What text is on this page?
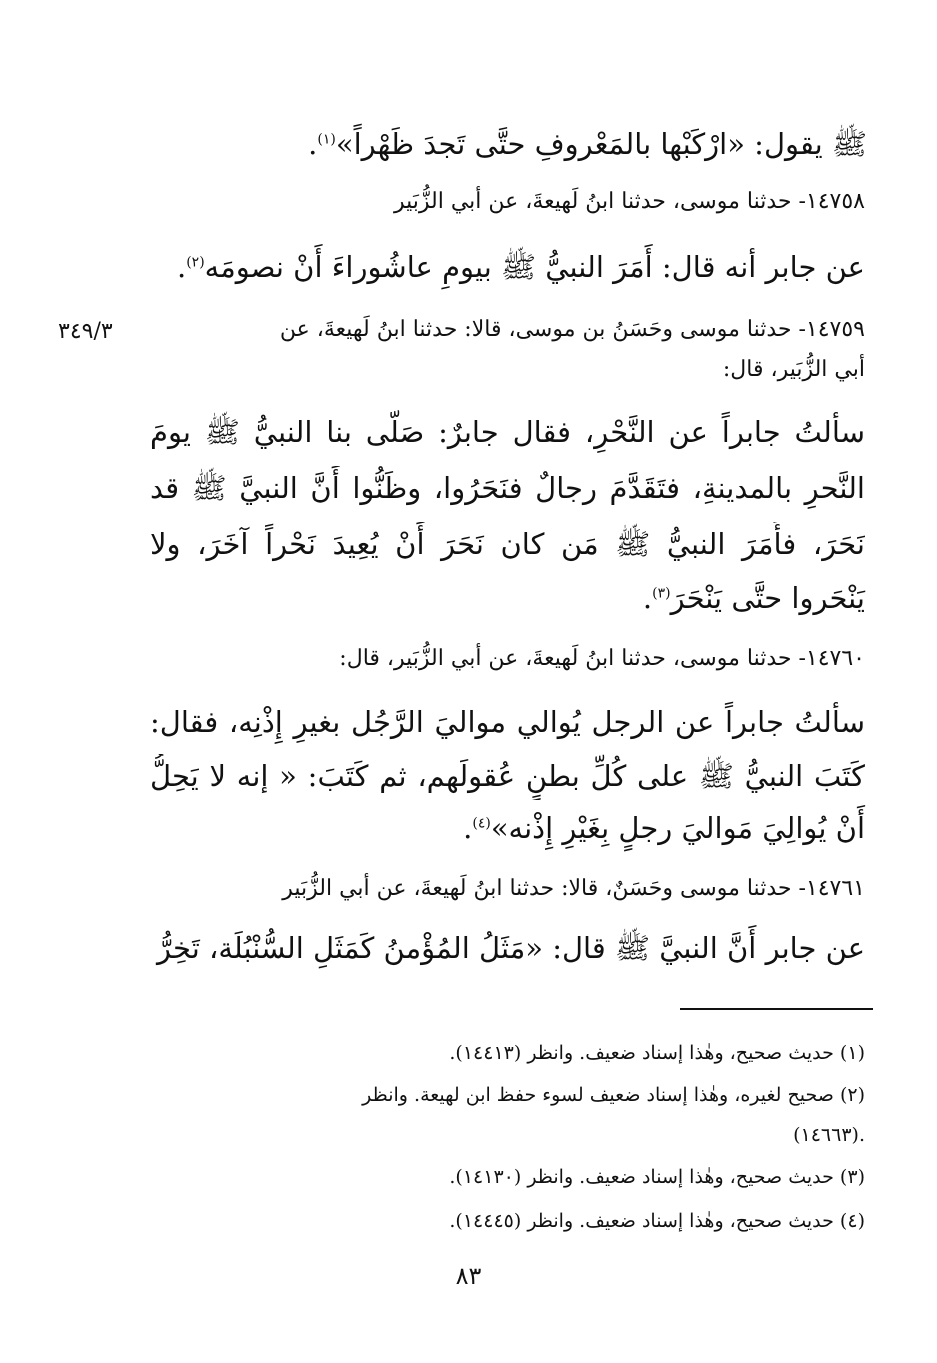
ﷺ يقول: «ارْكَبْها بالمَعْروفِ حتَّى تَجدَ ظَهْراً»$^{(١)}$.
١٤٧٥٨- حدثنا موسى، حدثنا ابنُ لَهيعةَ، عن أبي الزُّبَير
عن جابر أنه قال: أَمَرَ النبيُّ ﷺ بيومِ عاشُوراءَ أَنْ نصومَه$^{(٢)}$.
١٤٧٥٩- حدثنا موسى وحَسَنُ بن موسى، قالا: حدثنا ابنُ لَهيعةَ، عن
٣٤٩/٣
أبي الزُّبَير، قال:
سألتُ جابراً عن النَّحْرِ، فقال جابرٌ: صَلَّى بنا النبيُّ ﷺ يومَ
النَّحرِ بالمدينةِ، فتَقَدَّمَ رجالٌ فنَحَرُوا، وظَنُّوا أَنَّ النبيَّ ﷺ قد
نَحَرَ، فأَمَرَ النبيُّ ﷺ مَن كان نَحَرَ أَنْ يُعِيدَ نَحْراً آخَرَ، ولا
يَنْحَروا حتَّى يَنْحَرَ$^{(٣)}$.
١٤٧٦٠- حدثنا موسى، حدثنا ابنُ لَهيعةَ، عن أبي الزُّبَير، قال:
سألتُ جابراً عن الرجل يُوالي مواليَ الرَّجُل بغيرِ إِذْنِه، فقال:
كَتَبَ النبيُّ ﷺ على كُلِّ بطنٍ عُقولَهم، ثم كَتَبَ: « إنه لا يَحِلُّ
أَنْ يُوالِيَ مَواليَ رجلٍ بِغَيْرِ إِذْنه»$^{(٤)}$.
١٤٧٦١- حدثنا موسى وحَسَنٌ، قالا: حدثنا ابنُ لَهيعةَ، عن أبي الزُّبَير
عن جابر أَنَّ النبيَّ ﷺ قال: «مَثَلُ المُؤْمنُ كَمَثَلِ السُّنْبُلَة، تَخِرُّ
(١) حديث صحيح، وهٰذا إسناد ضعيف. وانظر (١٤٤١٣).
(٢) صحيح لغيره، وهٰذا إسناد ضعيف لسوء حفظ ابن لهيعة. وانظر
(١٤٦٦٣).
(٣) حديث صحيح، وهٰذا إسناد ضعيف. وانظر (١٤١٣٠).
(٤) حديث صحيح، وهٰذا إسناد ضعيف. وانظر (١٤٤٤٥).
٨٣
